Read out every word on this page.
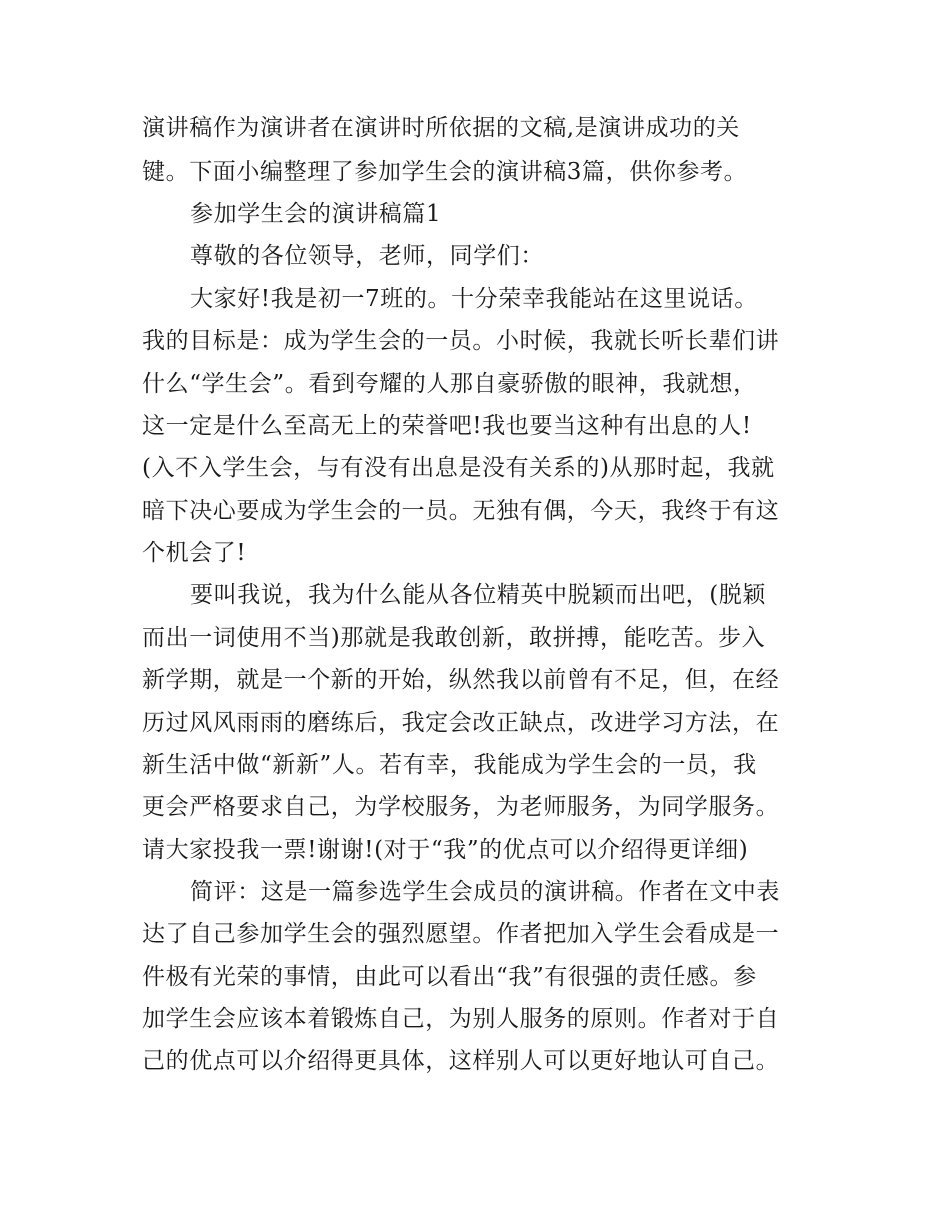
演讲稿作为演讲者在演讲时所依据的文稿,是演讲成功的关
键。下面小编整理了参加学生会的演讲稿3篇，供你参考。
参加学生会的演讲稿篇1
尊敬的各位领导，老师，同学们：
大家好!我是初一7班的。十分荣幸我能站在这里说话。
我的目标是：成为学生会的一员。小时候，我就长听长辈们讲
什么“学生会”。看到夸耀的人那自豪骄傲的眼神，我就想，
这一定是什么至高无上的荣誉吧!我也要当这种有出息的人!
(入不入学生会，与有没有出息是没有关系的)从那时起，我就
暗下决心要成为学生会的一员。无独有偶，今天，我终于有这
个机会了!
要叫我说，我为什么能从各位精英中脱颖而出吧，(脱颖
而出一词使用不当)那就是我敢创新，敢拼搏，能吃苦。步入
新学期，就是一个新的开始，纵然我以前曾有不足，但，在经
历过风风雨雨的磨练后，我定会改正缺点，改进学习方法，在
新生活中做“新新”人。若有幸，我能成为学生会的一员，我
更会严格要求自己，为学校服务，为老师服务，为同学服务。
请大家投我一票!谢谢!(对于“我”的优点可以介绍得更详细)
简评：这是一篇参选学生会成员的演讲稿。作者在文中表
达了自己参加学生会的强烈愿望。作者把加入学生会看成是一
件极有光荣的事情，由此可以看出“我”有很强的责任感。参
加学生会应该本着锻炼自己，为别人服务的原则。作者对于自
己的优点可以介绍得更具体，这样别人可以更好地认可自己。
